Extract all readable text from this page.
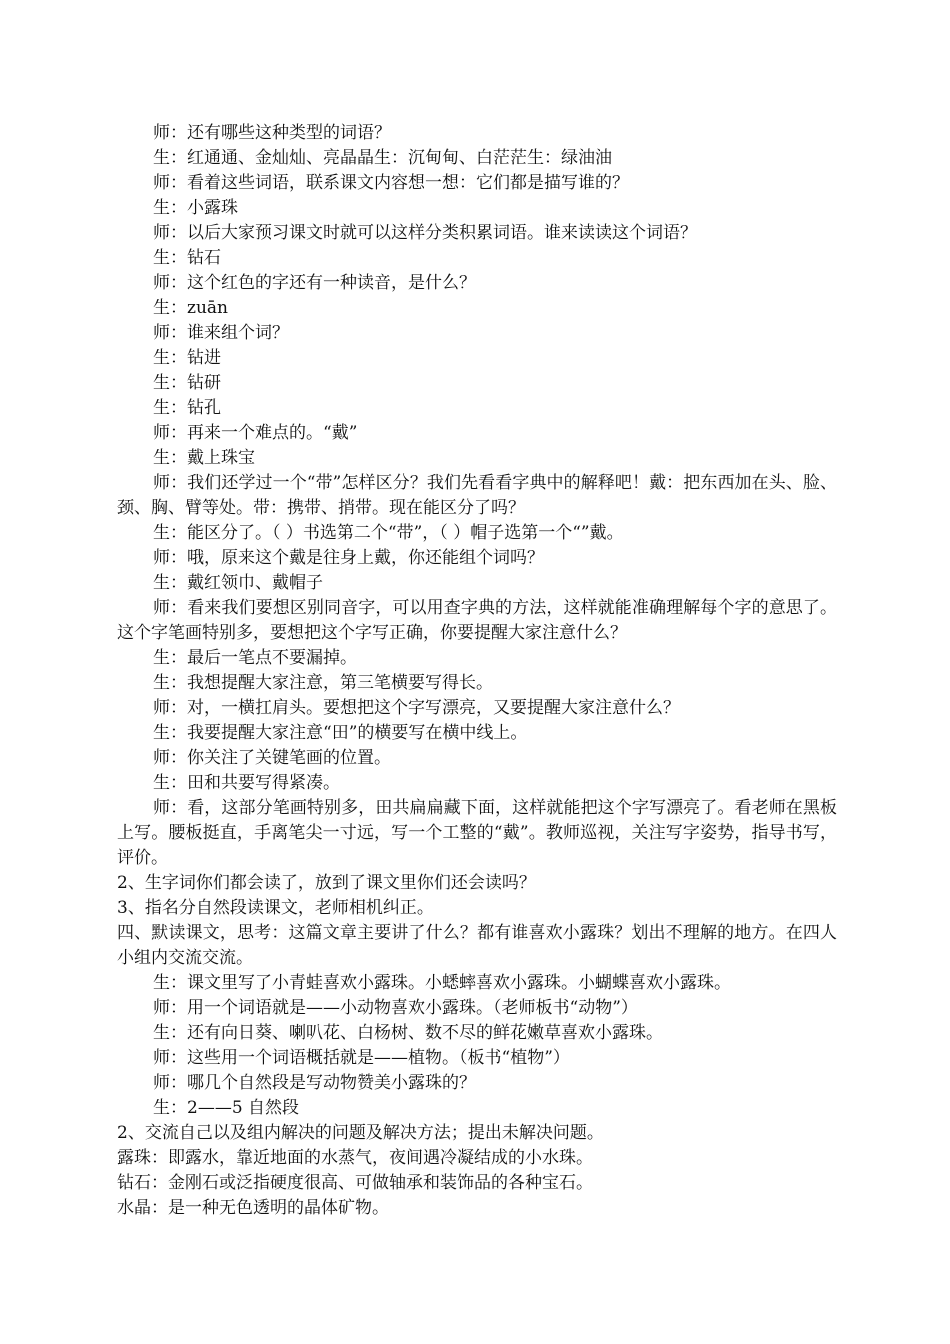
师：还有哪些这种类型的词语？
生：红通通、金灿灿、亮晶晶生：沉甸甸、白茫茫生：绿油油
师：看着这些词语，联系课文内容想一想：它们都是描写谁的？
生：小露珠
师：以后大家预习课文时就可以这样分类积累词语。谁来读读这个词语？
生：钻石
师：这个红色的字还有一种读音，是什么？
生：zuān
师：谁来组个词？
生：钻进
生：钻研
生：钻孔
师：再来一个难点的。“戴”
生：戴上珠宝
师：我们还学过一个“带”怎样区分？我们先看看字典中的解释吧！戴：把东西加在头、脸、颈、胸、臂等处。带：携带、捎带。现在能区分了吗？
生：能区分了。（ ）书选第二个“带”，（ ）帽子选第一个“”戴。
师：哦，原来这个戴是往身上戴，你还能组个词吗？
生：戴红领巾、戴帽子
师：看来我们要想区别同音字，可以用查字典的方法，这样就能准确理解每个字的意思了。这个字笔画特别多，要想把这个字写正确，你要提醒大家注意什么？
生：最后一笔点不要漏掉。
生：我想提醒大家注意，第三笔横要写得长。
师：对，一横扛肩头。要想把这个字写漂亮，又要提醒大家注意什么？
生：我要提醒大家注意“田”的横要写在横中线上。
师：你关注了关键笔画的位置。
生：田和共要写得紧凑。
师：看，这部分笔画特别多，田共扁扁藏下面，这样就能把这个字写漂亮了。看老师在黑板上写。腰板挺直，手离笔尖一寸远，写一个工整的“戴”。教师巡视，关注写字姿势，指导书写，评价。
2、生字词你们都会读了，放到了课文里你们还会读吗？
3、指名分自然段读课文，老师相机纠正。
四、默读课文，思考：这篇文章主要讲了什么？都有谁喜欢小露珠？划出不理解的地方。在四人小组内交流交流。
生：课文里写了小青蛙喜欢小露珠。小蟋蟀喜欢小露珠。小蝴蝶喜欢小露珠。
师：用一个词语就是——小动物喜欢小露珠。（老师板书“动物”）
生：还有向日葵、喇叭花、白杨树、数不尽的鲜花嫩草喜欢小露珠。
师：这些用一个词语概括就是——植物。（板书“植物”）
师：哪几个自然段是写动物赞美小露珠的？
生：2——5 自然段
2、交流自己以及组内解决的问题及解决方法；提出未解决问题。
露珠：即露水，靠近地面的水蒸气，夜间遇冷凝结成的小水珠。
钻石：金刚石或泛指硬度很高、可做轴承和装饰品的各种宝石。
水晶：是一种无色透明的晶体矿物。
